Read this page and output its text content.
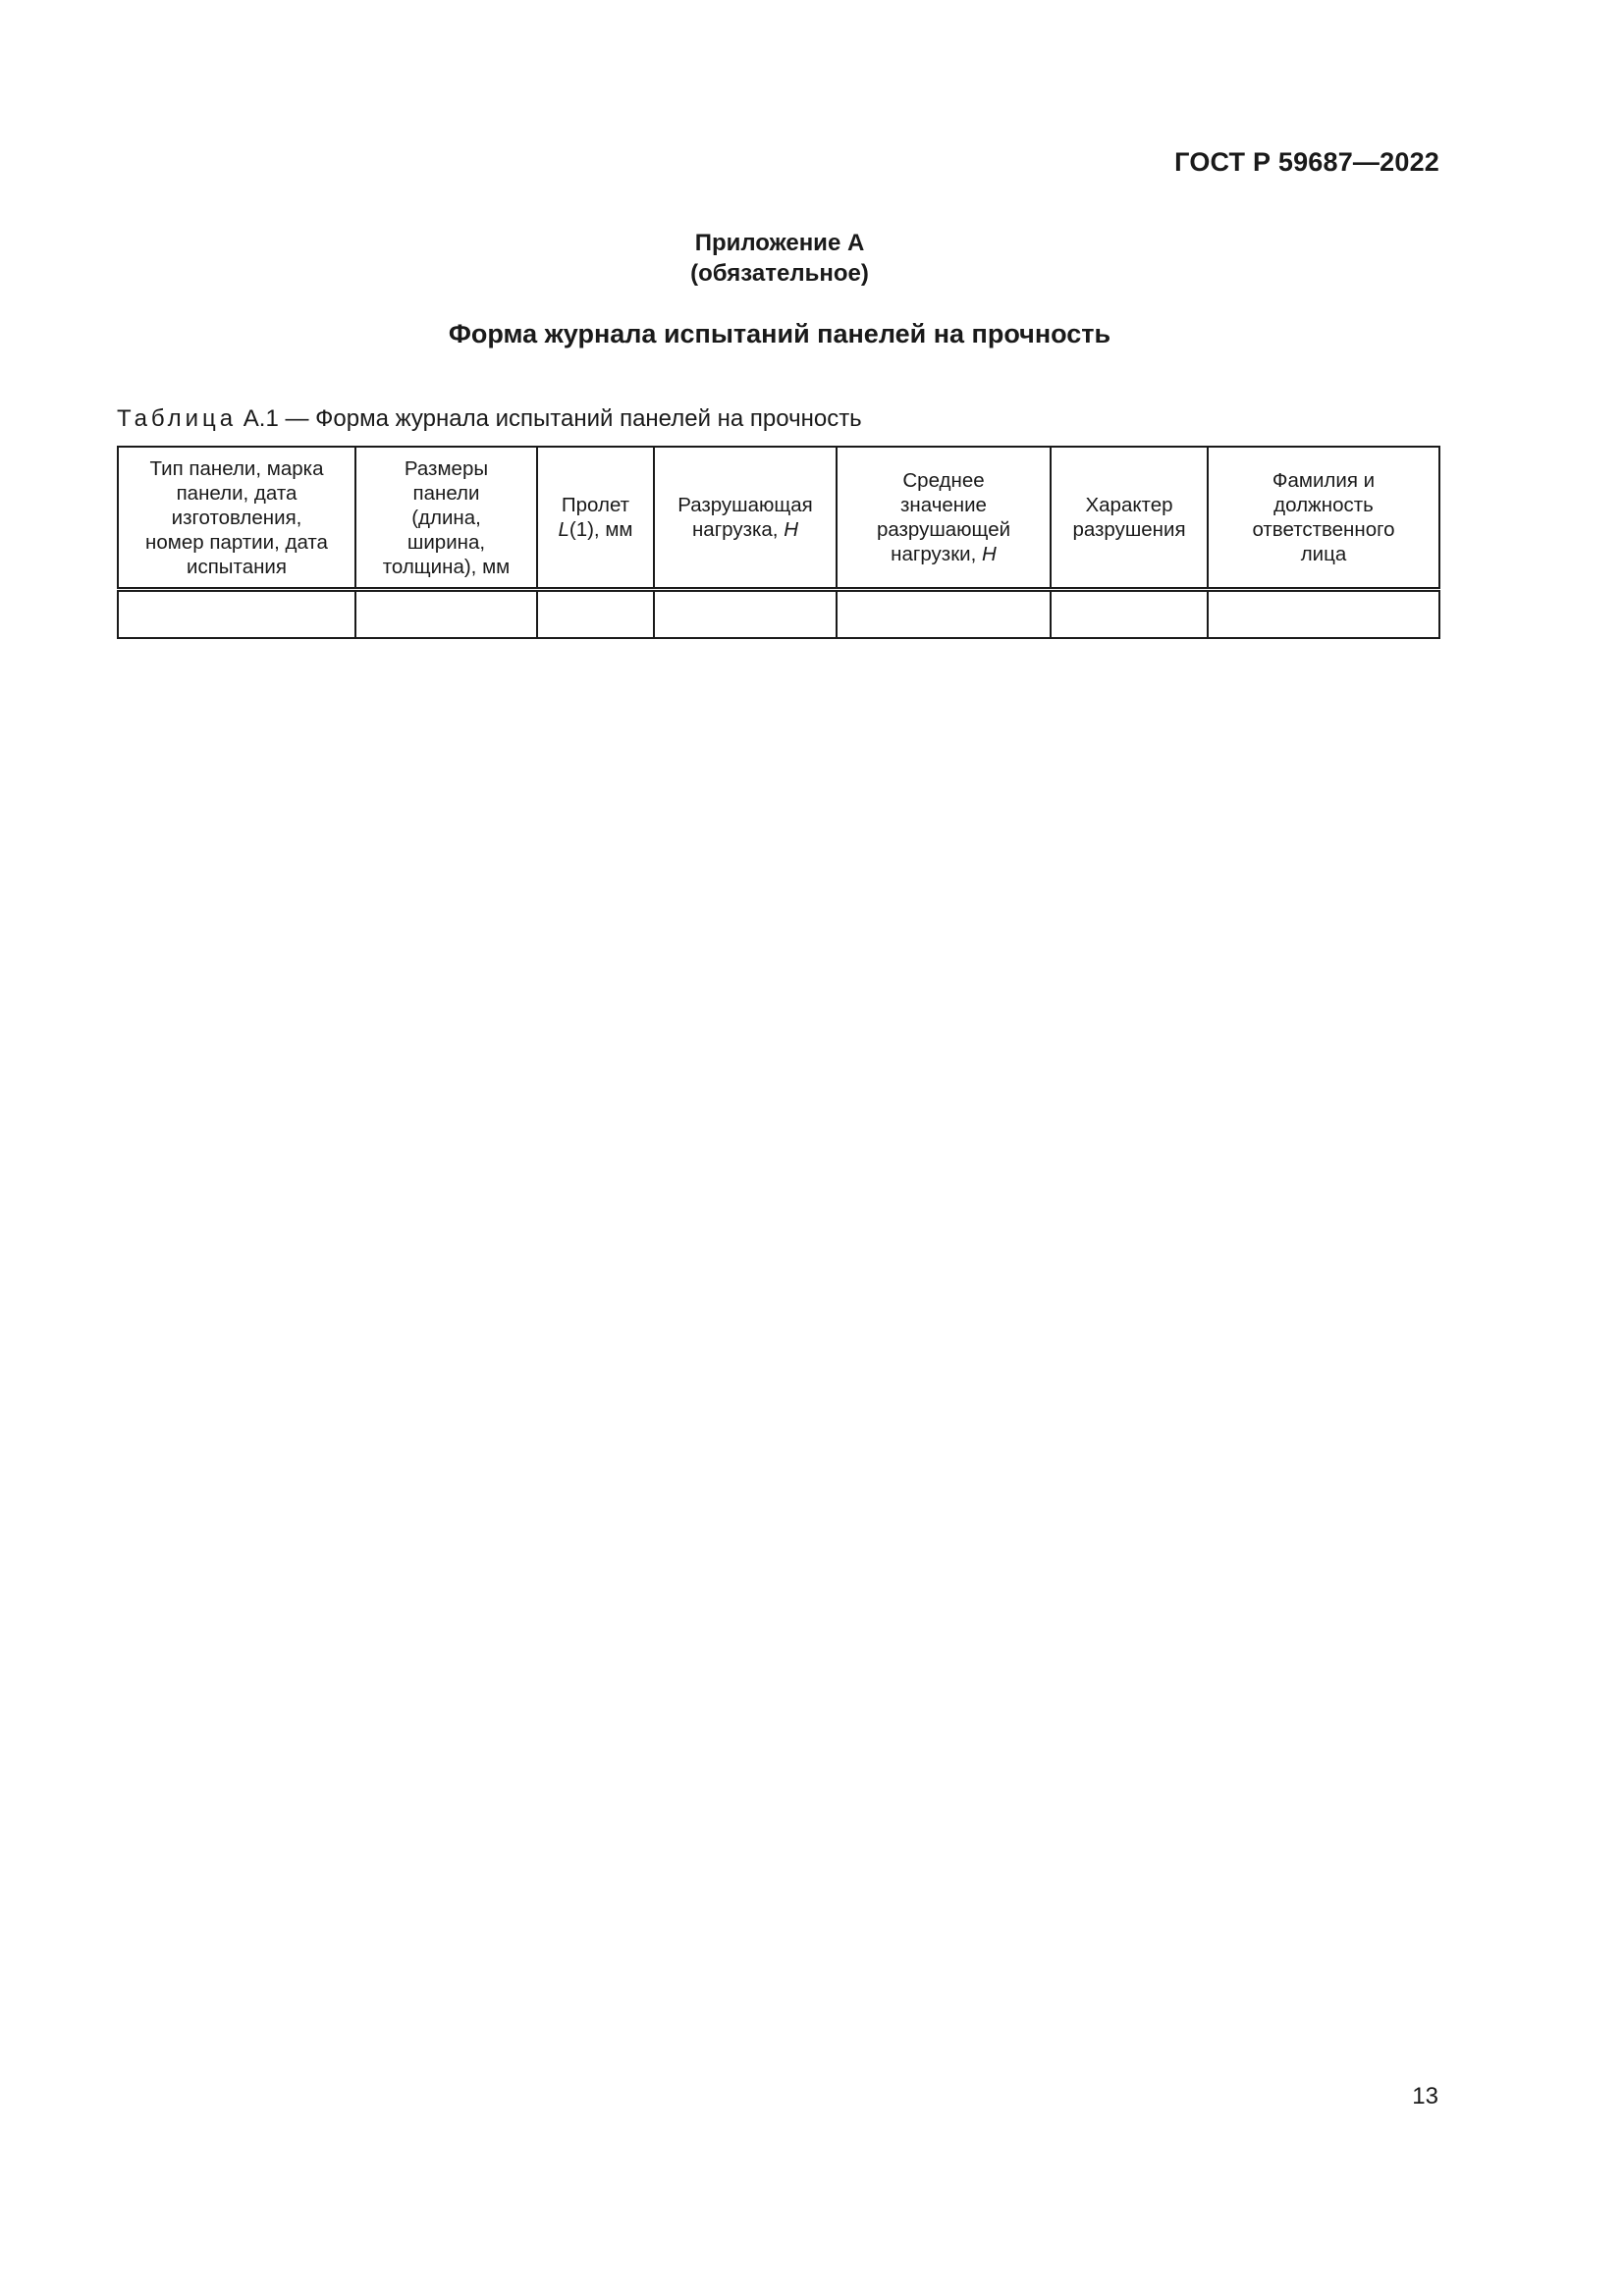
ГОСТ Р 59687—2022
Приложение А
(обязательное)
Форма журнала испытаний панелей на прочность
Таблица А.1 — Форма журнала испытаний панелей на прочность
Тип панели, марка
панели, дата
изготовления,
номер партии, дата
испытания	Размеры
панели
(длина,
ширина,
толщина), мм	Пролет
L(1), мм	Разрушающая
нагрузка, Н	Среднее
значение
разрушающей
нагрузки, Н	Характер
разрушения	Фамилия и
должность
ответственного
лица

13
